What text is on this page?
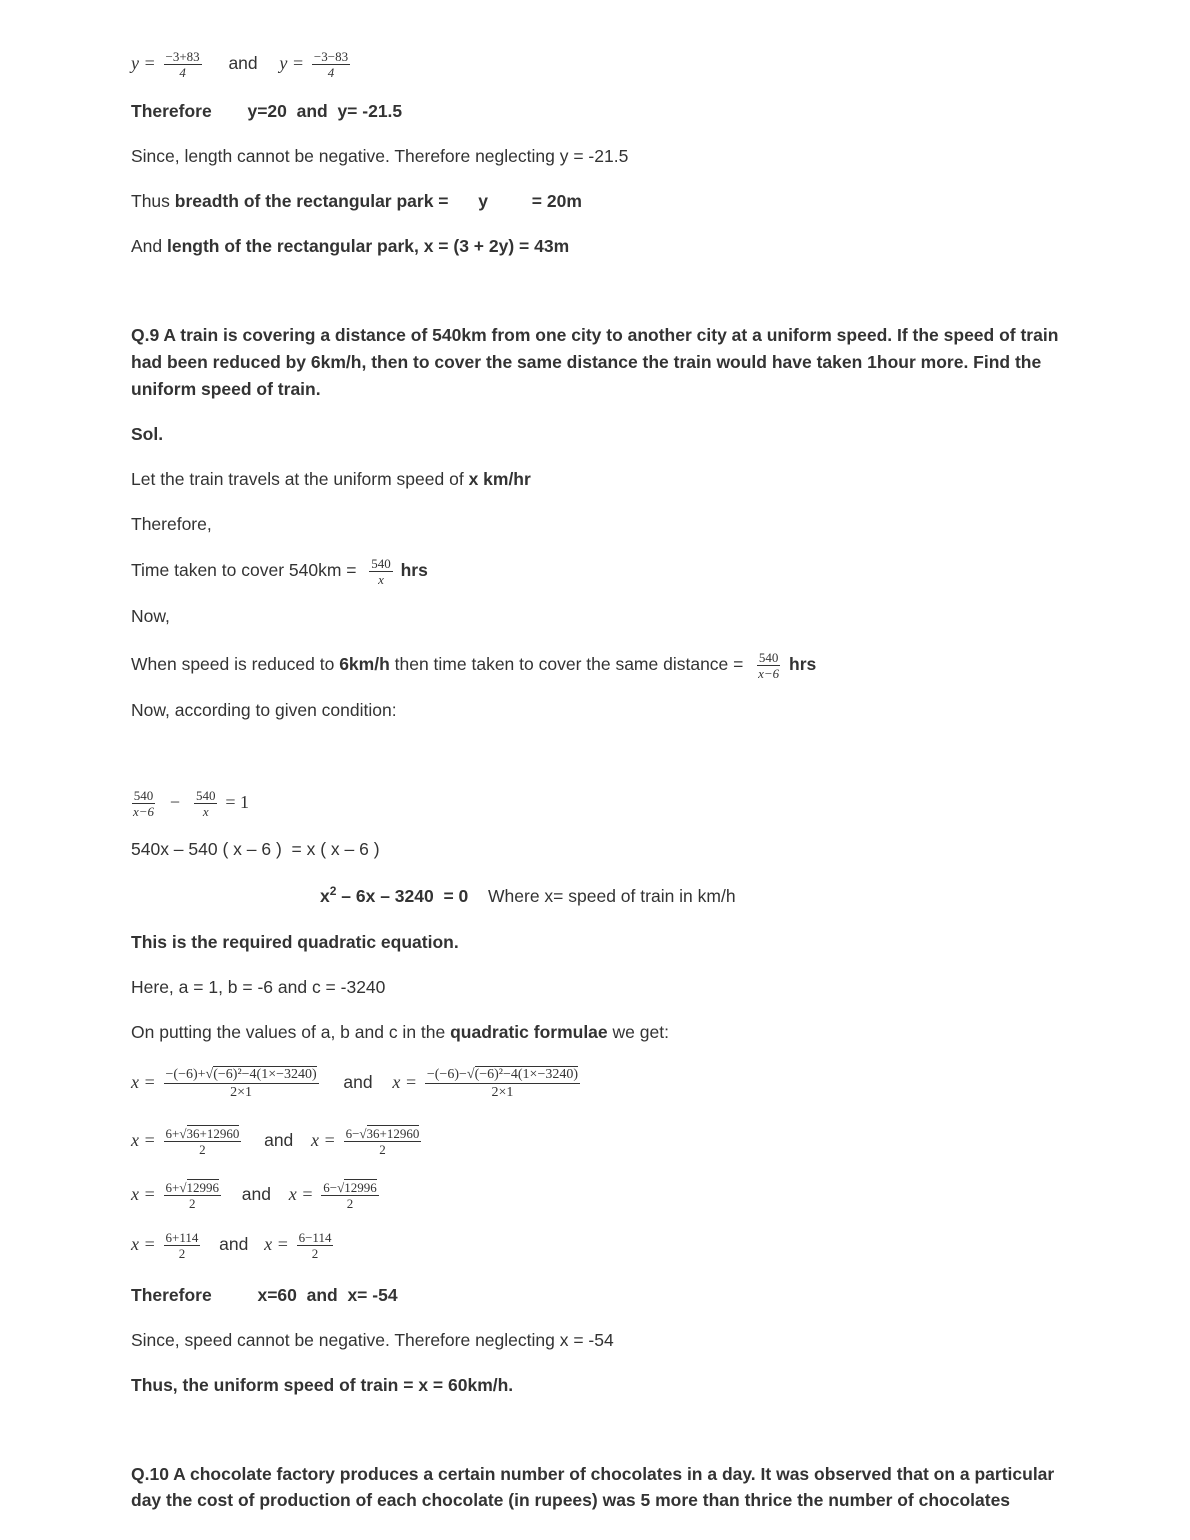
$y = \frac{-3+83}{4}$ and $y = \frac{-3-83}{4}$
Therefore y=20  and  y= -21.5
Since, length cannot be negative. Therefore neglecting y = -21.5
Thus breadth of the rectangular park = y	= 20m
And length of the rectangular park, x = (3 + 2y) = 43m
Q.9 A train is covering a distance of 540km from one city to another city at a uniform speed. If the speed of train had been reduced by 6km/h, then to cover the same distance the train would have taken 1hour more. Find the uniform speed of train.
Sol.
Let the train travels at the uniform speed of x km/hr
Therefore,
Time taken to cover $540km = \frac{540}{x}$ hrs
Now,
When speed is reduced to 6km/h then time taken to cover the same distance = $\frac{540}{x-6}$ hrs
Now, according to given condition:
$\frac{540}{x-6} - \frac{540}{x} = 1$
540x – 540 ( x – 6 )  = x ( x – 6 )
$x^2 - 6x - 3240 = 0$ Where x= speed of train in km/h
This is the required quadratic equation.
Here, a = 1, b = -6 and c = -3240
On putting the values of a, b and c in the quadratic formulae we get:
$x = \frac{\text{−(−6)+√(−6)²−4(1×−3240)}}{2\times 1}$ and $x = \frac{\text{−(−6)−√(−6)²−4(1×−3240)}}{2\times 1}$
$x = \frac{6+√36+12960}{2}$ and $x = \frac{6-√36+12960}{2}$
$x = \frac{6+√12996}{2}$ and $x = \frac{6-√12996}{2}$
$x = \frac{6+114}{2}$ and $x = \frac{6-114}{2}$
Therefore	x=60  and  x= -54
Since, speed cannot be negative. Therefore neglecting x = -54
Thus, the uniform speed of train = x = 60km/h.
Q.10 A chocolate factory produces a certain number of chocolates in a day. It was observed that on a particular
day the cost of production of each chocolate (in rupees) was 5 more than thrice the number of chocolates
